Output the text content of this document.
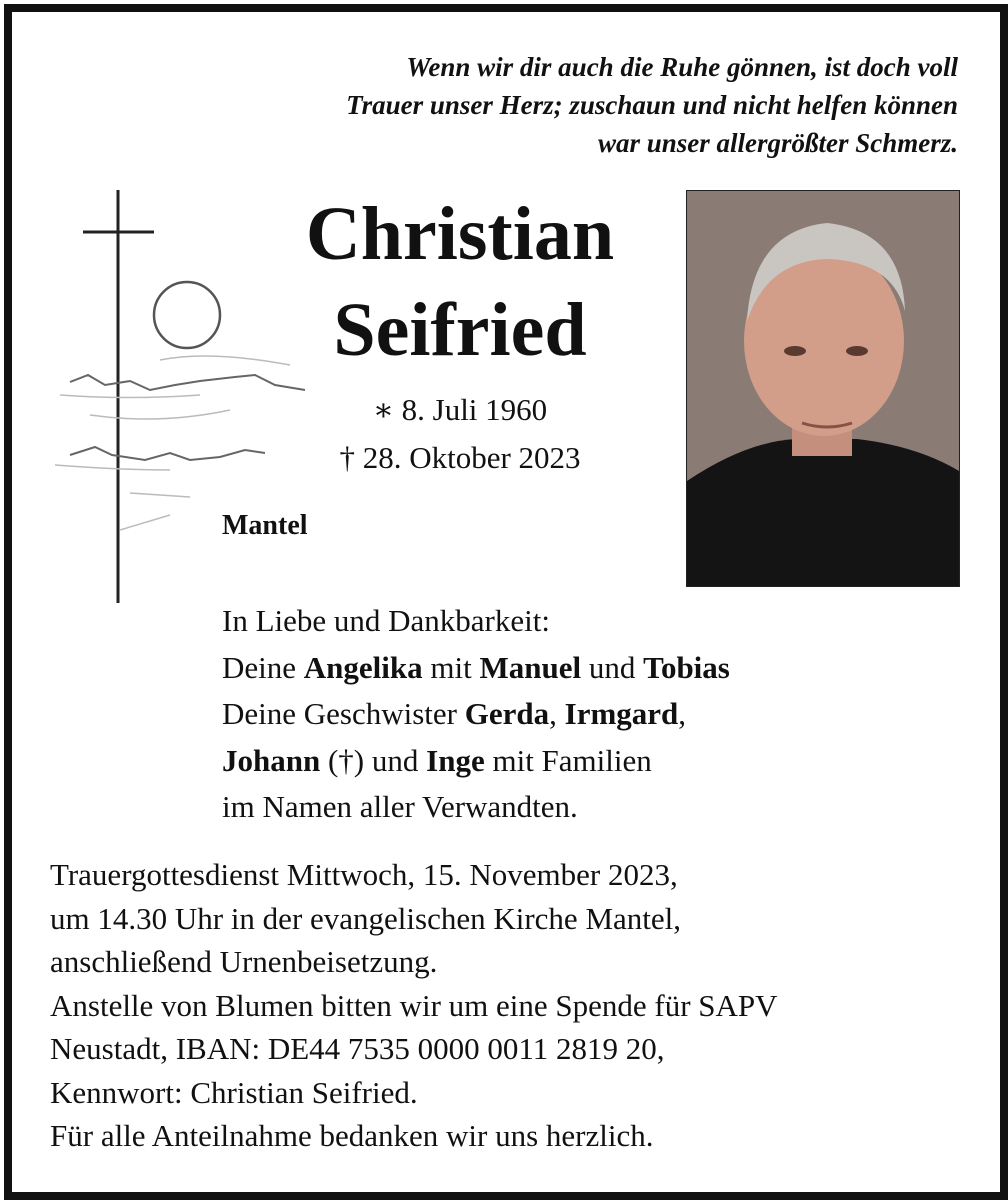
Wenn wir dir auch die Ruhe gönnen, ist doch voll
Trauer unser Herz; zuschaun und nicht helfen können
war unser allergrößter Schmerz.
Christian
Seifried
∗ 8. Juli 1960
† 28. Oktober 2023
Mantel
In Liebe und Dankbarkeit:
Deine Angelika mit Manuel und Tobias
Deine Geschwister Gerda, Irmgard,
Johann (†) und Inge mit Familien
im Namen aller Verwandten.
Trauergottesdienst Mittwoch, 15. November 2023,
um 14.30 Uhr in der evangelischen Kirche Mantel,
anschließend Urnenbeisetzung.
Anstelle von Blumen bitten wir um eine Spende für SAPV
Neustadt, IBAN: DE44 7535 0000 0011 2819 20,
Kennwort: Christian Seifried.
Für alle Anteilnahme bedanken wir uns herzlich.
